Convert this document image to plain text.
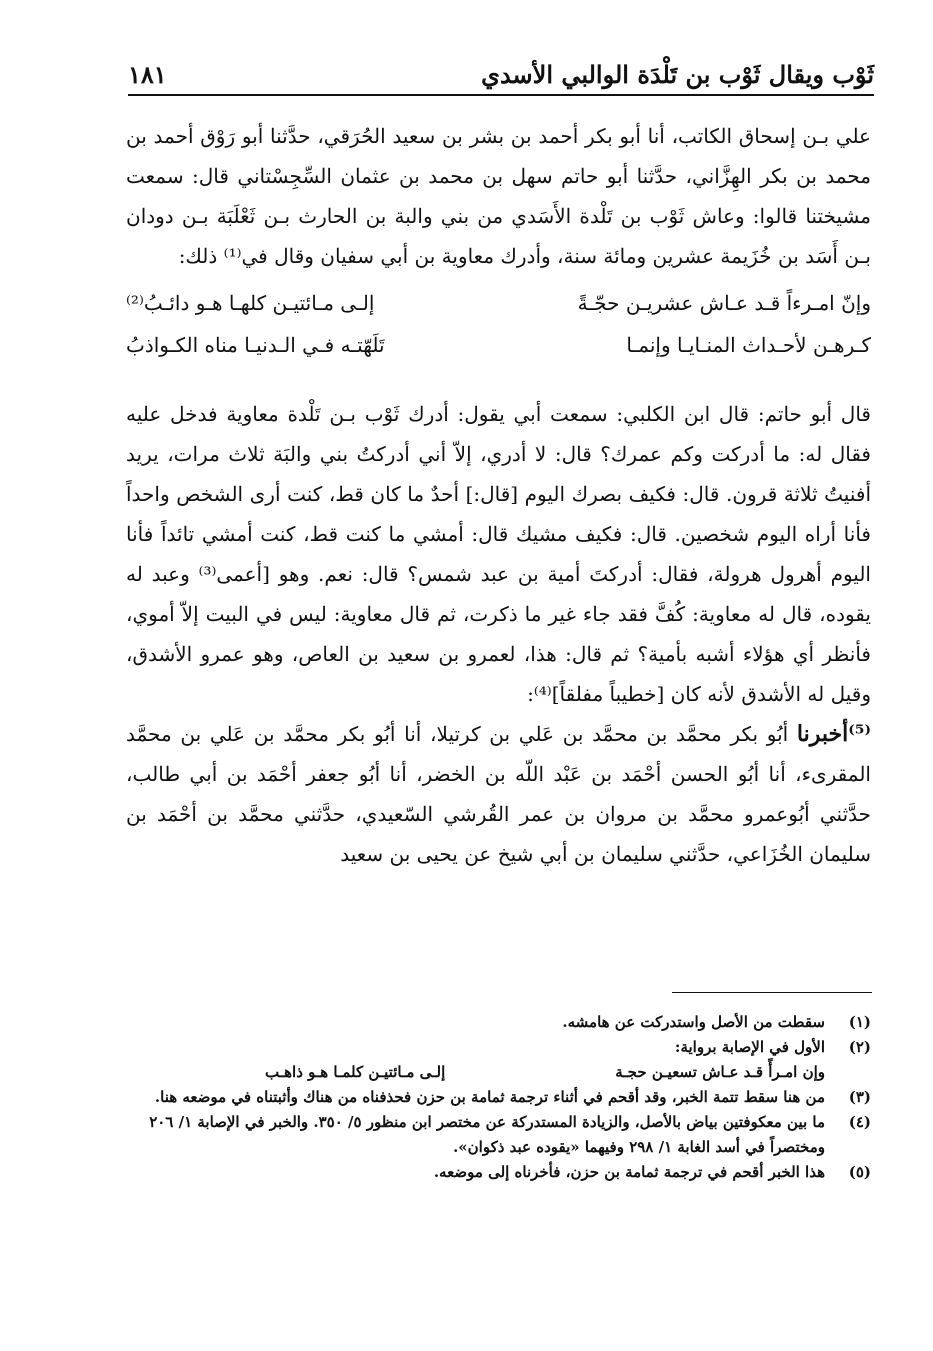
ثَوْب ويقال ثَوْب بن تَلْدَة الوالبي الأسدي
١٨١

علي بـن إسحاق الكاتب، أنا أبو بكر أحمد بن بشر بن سعيد الحُرَقي، حدَّثنا أبو رَوْق أحمد بن محمد بن بكر الهِزَّاني، حدَّثنا أبو حاتم سهل بن محمد بن عثمان السِّجِسْتاني قال: سمعت مشيختنا قالوا: وعاش ثَوْب بن تَلْدة الأَسَدي من بني والبة بن الحارث بـن ثَعْلَبَة بـن دودان بـن أَسَد بن خُزَيمة عشرين ومائة سنة، وأدرك معاوية بن أبي سفيان وقال في⁽¹⁾ ذلك:

وإنّ امـرءاً قـد عـاش عشريـن حجّـةً
إلـى مـائتيـن كلهـا هـو دائـبُ⁽²⁾
كـرهـن لأحـداث المنـايـا وإنمـا
تَلَهّتـه فـي الـدنيـا مناه الكـواذبُ

قال أبو حاتم: قال ابن الكلبي: سمعت أبي يقول: أدرك ثَوْب بـن تَلْدة معاوية فدخل عليه فقال له: ما أدركت وكم عمرك؟ قال: لا أدري، إلاّ أني أدركتُ بني والبَة ثلاث مرات، يريد أفنيتُ ثلاثة قرون. قال: فكيف بصرك اليوم [قال:] أحدٌ ما كان قط، كنت أرى الشخص واحداً فأنا أراه اليوم شخصين. قال: فكيف مشيك قال: أمشي ما كنت قط، كنت أمشي تائداً فأنا اليوم أهرول هرولة، فقال: أدركتَ أمية بن عبد شمس؟ قال: نعم. وهو [أعمى⁽³⁾ وعبد له يقوده، قال له معاوية: كُفَّ فقد جاء غير ما ذكرت، ثم قال معاوية: ليس في البيت إلاّ أموي، فأنظر أي هؤلاء أشبه بأمية؟ ثم قال: هذا، لعمرو بن سعيد بن العاص، وهو عمرو الأشدق، وقيل له الأشدق لأنه كان [خطيباً مفلقاً]⁽⁴⁾:

⁽⁵⁾أخبرنا أبُو بكر محمَّد بن محمَّد بن عَلي بن كرتيلا، أنا أبُو بكر محمَّد بن عَلي بن محمَّد المقرىء، أنا أبُو الحسن أحْمَد بن عَبْد اللّه بن الخضر، أنا أبُو جعفر أحْمَد بن أبي طالب، حدَّثني أبُوعمرو محمَّد بن مروان بن عمر القُرشي السّعيدي، حدَّثني محمَّد بن أحْمَد بن سليمان الخُزَاعي، حدَّثني سليمان بن أبي شيخ عن يحيى بن سعيد

(١)
سقطت من الأصل واستدركت عن هامشه.
(٢)
الأول في الإصابة برواية:
وإن امـرأً قـد عـاش تسعيـن حجـة
إلـى مـائتيـن كلمـا هـو ذاهـب
(٣)
من هنا سقط تتمة الخبر، وقد أقحم في أثناء ترجمة ثمامة بن حزن فحذفناه من هناك وأثبتناه في موضعه هنا.
(٤)
ما بين معكوفتين بياض بالأصل، والزيادة المستدركة عن مختصر ابن منظور ٥/ ٣٥٠. والخبر في الإصابة ١/ ٢٠٦ ومختصراً في أسد الغابة ١/ ٢٩٨ وفيهما «يقوده عبد ذكوان».
(٥)
هذا الخبر أقحم في ترجمة ثمامة بن حزن، فأخرناه إلى موضعه.
